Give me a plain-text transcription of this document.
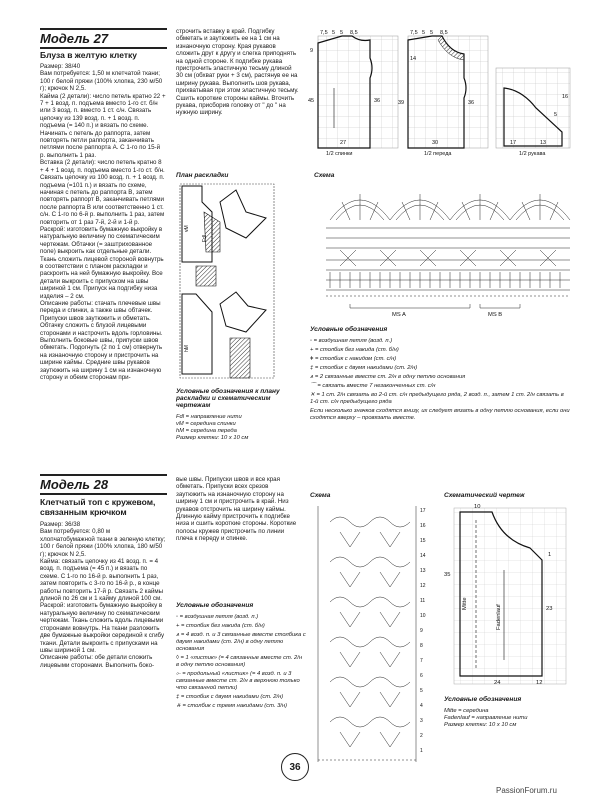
Модель 27
Блуза в желтую клетку
Размер: 38/40
Вам потребуется: 1,50 м клетчатой ткани; 100 г белой пряжи (100% хлопка, 230 м/50 г); крючок N 2,5.
Кайма (2 детали): число петель кратно 22 + 7 + 1 возд. п. подъема вместо 1-го ст. б/н или 3 возд. п. вместо 1 ст. с/н. Связать цепочку из 139 возд. п. + 1 возд. п. подъема (= 140 п.) и вязать по схеме. Начинать с петель до раппорта, затем повторять петли раппорта, заканчивать петлями после раппорта A. C 1-го по 15-й р. выполнить 1 раз.
Вставка (2 детали): число петель кратно 8 + 4 + 1 возд. п. подъема вместо 1-го ст. б/н. Связать цепочку из 100 возд. п. + 1 возд. п. подъема (=101 п.) и вязать по схеме, начиная с петель до раппорта B, затем повторять раппорт B, заканчивать петлями после раппорта B или соответственно 1 ст. с/н. C 1-го по 6-й р. выполнить 1 раз, затем повторить от 1 раз 7-й, 2-й и 1-й р.
Раскрой: изготовить бумажную выкройку в натуральную величину по схематическим чертежам. Обтачки (= заштрихованное поле) выкроить как отдельные детали. Ткань сложить лицевой стороной вовнутрь в соответствии с планом раскладки и раскроить на ней бумажную выкройку. Все детали выкроить с припуском на швы шириной 1 см. Припуск на подгибку низа изделия – 2 см.
Описание работы: стачать плечевые швы переда и спинки, а также швы обтачек. Припуски швов заутюжить и обметать. Обтачку сложить с блузой лицевыми сторонами и настрочить вдоль горловины. Выполнить боковые швы, припуски швов обметать. Подогнуть (2 по 1 см) отвернуть на изнаночную сторону и пристрочить на ширине каймы. Средние швы рукавов заутюжить на ширину 1 см на изнаночную сторону и обеим сторонам при-
строчить вставку в край. Подгибку обметать и заутюжить ее на 1 см на изнаночную сторону. Края рукавов сложить друг к другу и слегка приподнять на одной стороне. К подгибке рукава пристрочить эластичную тесьму длиной 30 см (обхват руки + 3 см), растянув ее на ширину рукава. Выполнить шов рукава, прихватывая при этом эластичную тесьму. Сшить короткие стороны каймы. Вточить рукава, присборив головку от " до " на нужную ширину.
7,5 5 5 8,5
9
45	36
27
7,5 5 5 8,5
14
39	36
30
16
5
17	13
1/2 спинки	1/2 переда	1/2 рукава
План раскладки
vM
hM
Fdl
Условные обозначения к плану раскладки и схематическим чертежам
Fdl = направление нити
vM = середина спинки
hM = середина переда
Размер клетки: 10 х 10 см
Схема
MS A	MS B
Условные обозначения
◦ = воздушная петля (возд. п.)
+ = столбик без накида (ст. б/н)
ǂ = столбик с накидом (ст. с/н)
‡ = столбик с двумя накидами (ст. 2/н)
⩚ = 2 связанные вместе ст. 2/н в одну петлю основания
⌒ = связать вместе 7 незаконченных ст. с/н
✕ = 1 ст. 2/н связать во 2-й ст. с/н предыдущего ряда, 2 возд. п., затем 1 ст. 2/н связать в 1-й ст. с/н предыдущего ряда
Если несколько значков сходятся внизу, их следует вязать в одну петлю основания, если они сходятся вверху – провязать вместе.
Модель 28
Клетчатый топ с кружевом, связанным крючком
Размер: 36/38
Вам потребуется: 0,80 м хлопчатобумажной ткани в зеленую клетку; 100 г белой пряжи (100% хлопка, 180 м/50 г); крючок N 2,5.
Кайма: связать цепочку из 41 возд. п. = 4 возд. п. подъема (= 45 п.) и вязать по схеме. С 1-го по 16-й р. выполнить 1 раз, затем повторить с 3-го по 16-й р., в конце работы повторить 17-й р. Связать 2 каймы длиной по 26 см и 1 кайму длиной 100 см.
Раскрой: изготовить бумажную выкройку в натуральную величину по схематическим чертежам. Ткань сложить вдоль лицевыми сторонами вовнутрь. На ткани разложить две бумажные выкройки серединой к сгибу ткани. Детали выкроить с припусками на швы шириной 1 см.
Описание работы: обе детали сложить лицевыми сторонами. Выполнить боко-
вые швы. Припуски швов и все края обметать. Припуски всех срезов заутюжить на изнаночную сторону на ширину 1 см и пристрочить в край. Низ рукавов отстрочить на ширину каймы. Длинную кайму пристрочить к подгибке низа и сшить короткие стороны. Короткие полосы кружев пристрочить по линии плеча к переду и спинке.
Условные обозначения
◦ = воздушная петля (возд. п.)
+ = столбик без накида (ст. б/н)
⩚ = 4 возд. п. и 3 связанные вместе столбика с двумя накидами (ст. 2/н) в одну петлю основания
◊ = 1 «листик» (= 4 связанные вместе ст. 2/н в одну петлю основания)
⟜ = продольный «листик» (= 4 возд. п. и 3 связанные вместе ст. 2/н в верхнюю только что связанной петли)
‡ = столбик с двумя накидами (ст. 2/н)
⧺ = столбик с тремя накидами (ст. 3/н)
Схема
17
16
15
14
13
12
11
10
9
8
7
6
5
4
3
2
1
Схематический чертеж
10
35
23
24	12
1
Mitte
Fadenlauf
Условные обозначения
Mitte = середина
Fadenlauf = направление нити
Размер клетки: 10 х 10 см
36
PassionForum.ru
